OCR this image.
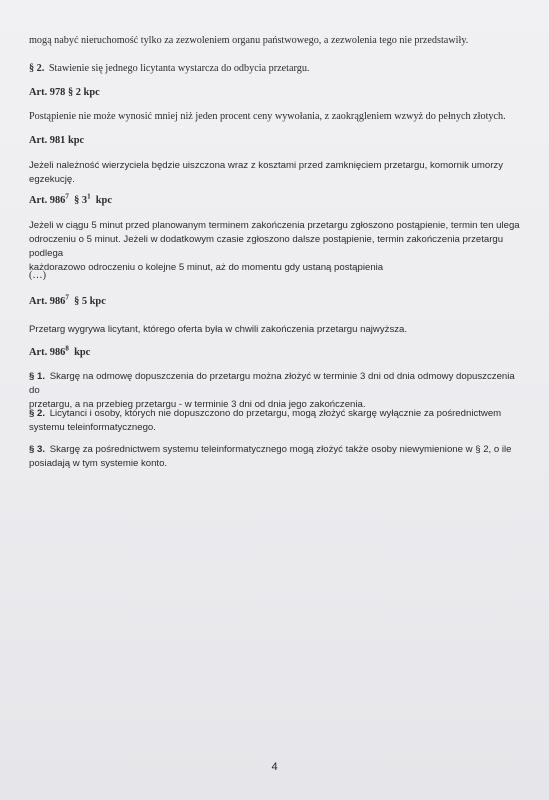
mogą nabyć nieruchomość tylko za zezwoleniem organu państwowego, a zezwolenia tego nie przedstawiły.
§ 2. Stawienie się jednego licytanta wystarcza do odbycia przetargu.
Art. 978 § 2 kpc
Postąpienie nie może wynosić mniej niż jeden procent ceny wywołania, z zaokrągleniem wzwyż do pełnych złotych.
Art. 981 kpc
Jeżeli należność wierzyciela będzie uiszczona wraz z kosztami przed zamknięciem przetargu, komornik umorzy
egzekucję.
Art. $986^7$ § $3^1$ kpc
Jeżeli w ciągu 5 minut przed planowanym terminem zakończenia przetargu zgłoszono postąpienie, termin ten ulega
odroczeniu o 5 minut. Jeżeli w dodatkowym czasie zgłoszono dalsze postąpienie, termin zakończenia przetargu podlega
każdorazowo odroczeniu o kolejne 5 minut, aż do momentu gdy ustaną postąpienia
(…)
Art. $986^7$ § 5 kpc
Przetarg wygrywa licytant, którego oferta była w chwili zakończenia przetargu najwyższa.
Art. $986^8$ kpc
§ 1. Skargę na odmowę dopuszczenia do przetargu można złożyć w terminie 3 dni od dnia odmowy dopuszczenia do
przetargu, a na przebieg przetargu - w terminie 3 dni od dnia jego zakończenia.
§ 2. Licytanci i osoby, których nie dopuszczono do przetargu, mogą złożyć skargę wyłącznie za pośrednictwem
systemu teleinformatycznego.
§ 3. Skargę za pośrednictwem systemu teleinformatycznego mogą złożyć także osoby niewymienione w § 2, o ile
posiadają w tym systemie konto.
4
